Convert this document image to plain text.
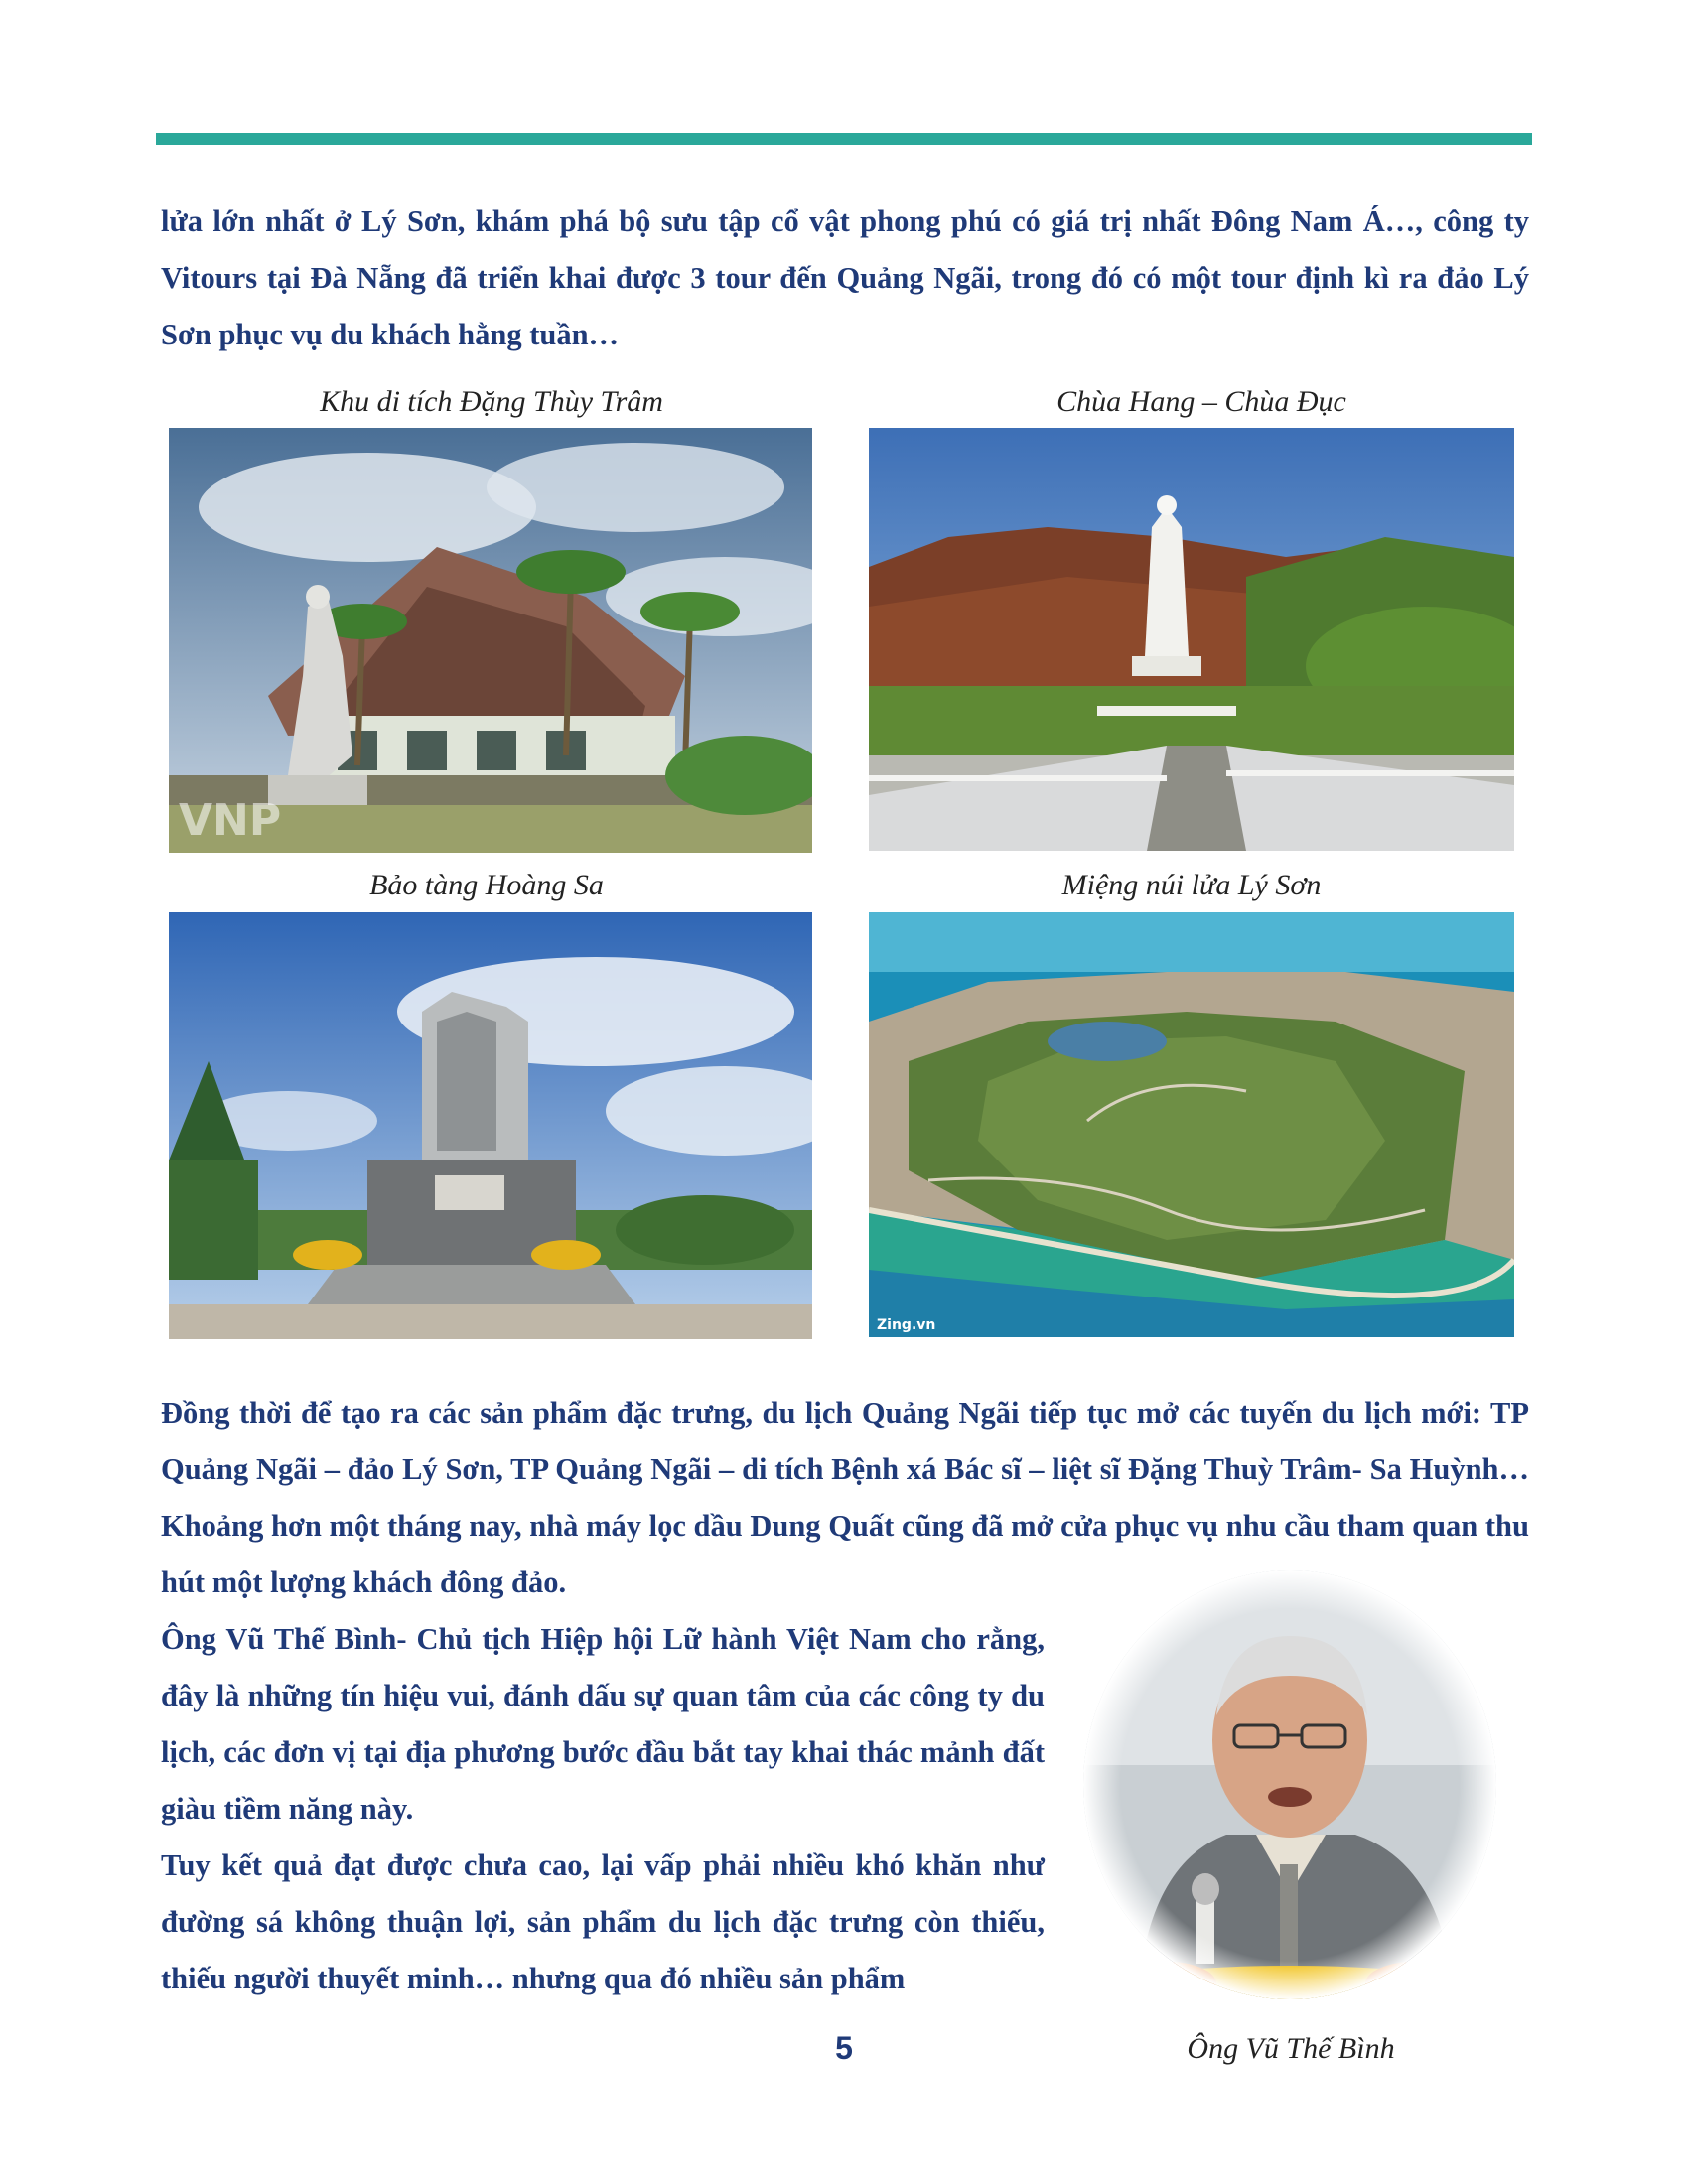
lửa lớn nhất ở Lý Sơn, khám phá bộ sưu tập cổ vật phong phú có giá trị nhất Đông Nam Á…, công ty Vitours tại Đà Nẵng đã triển khai được 3 tour đến Quảng Ngãi, trong đó có một tour định kì ra đảo Lý Sơn phục vụ du khách hằng tuần…

Khu di tích Đặng Thùy Trâm

VNP

Chùa Hang – Chùa Đục

Bảo tàng Hoàng Sa	Miệng núi lửa Lý Sơn

Zing.vn

Đồng thời để tạo ra các sản phẩm đặc trưng, du lịch Quảng Ngãi tiếp tục mở các tuyến du lịch mới: TP Quảng Ngãi – đảo Lý Sơn, TP Quảng Ngãi – di tích Bệnh xá Bác sĩ – liệt sĩ Đặng Thuỳ Trâm- Sa Huỳnh… Khoảng hơn một tháng nay, nhà máy lọc dầu Dung Quất cũng đã mở cửa phục vụ nhu cầu tham quan thu hút một lượng khách đông đảo.

Ông Vũ Thế Bình- Chủ tịch Hiệp hội Lữ hành Việt Nam cho rằng, đây là những tín hiệu vui, đánh dấu sự quan tâm của các công ty du lịch, các đơn vị tại địa phương bước đầu bắt tay khai thác mảnh đất giàu tiềm năng này.

Tuy kết quả đạt được chưa cao, lại vấp phải nhiều khó khăn như đường sá không thuận lợi, sản phẩm du lịch đặc trưng còn thiếu, thiếu người thuyết minh… nhưng qua đó nhiều sản phẩm

5	Ông Vũ Thế Bình
